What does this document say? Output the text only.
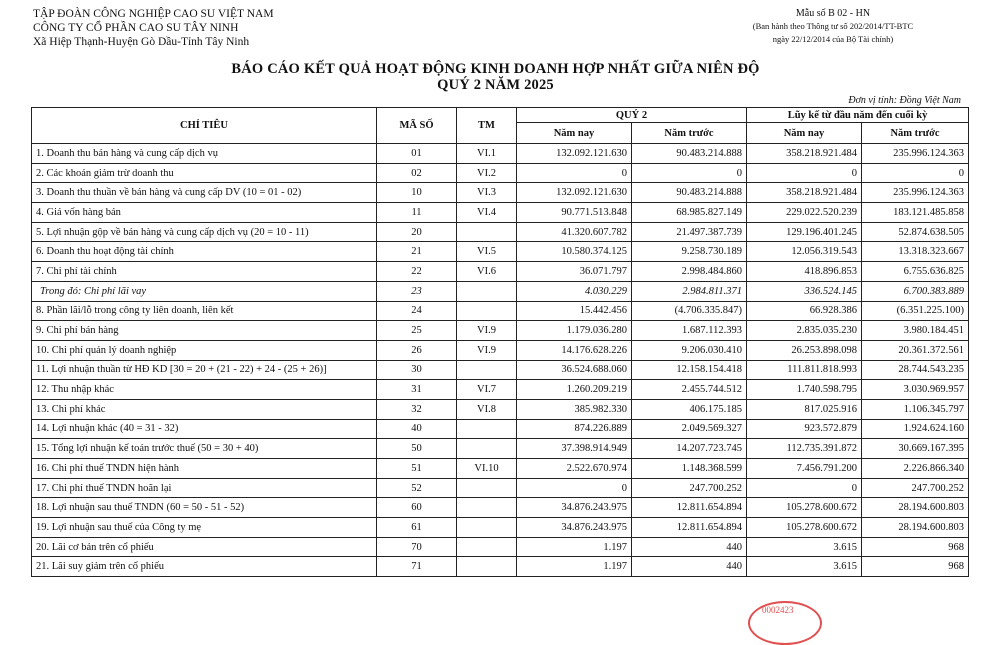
TẬP ĐOÀN CÔNG NGHIỆP CAO SU VIỆT NAM
CÔNG TY CỔ PHẦN CAO SU TÂY NINH
Xã Hiệp Thạnh-Huyện Gò Dầu-Tỉnh Tây Ninh
Mẫu số B 02 - HN
(Ban hành theo Thông tư số 202/2014/TT-BTC
ngày 22/12/2014 của Bộ Tài chính)
BÁO CÁO KẾT QUẢ HOẠT ĐỘNG KINH DOANH HỢP NHẤT GIỮA NIÊN ĐỘ
QUÝ 2 NĂM 2025
Đơn vị tính: Đồng Việt Nam
CHỈ TIÊU	MÃ SỐ	TM	QUÝ 2		Lũy kế từ đầu năm đến cuối kỳ	
			Năm nay	Năm trước	Năm nay	Năm trước
1. Doanh thu bán hàng và cung cấp dịch vụ	01	VI.1	132.092.121.630	90.483.214.888	358.218.921.484	235.996.124.363
2. Các khoản giảm trừ doanh thu	02	VI.2	0	0	0	0
3. Doanh thu thuần về bán hàng và cung cấp DV (10 = 01 - 02)	10	VI.3	132.092.121.630	90.483.214.888	358.218.921.484	235.996.124.363
4. Giá vốn hàng bán	11	VI.4	90.771.513.848	68.985.827.149	229.022.520.239	183.121.485.858
5. Lợi nhuận gộp về bán hàng và cung cấp dịch vụ (20 = 10 - 11)	20		41.320.607.782	21.497.387.739	129.196.401.245	52.874.638.505
6. Doanh thu hoạt động tài chính	21	VI.5	10.580.374.125	9.258.730.189	12.056.319.543	13.318.323.667
7. Chi phí tài chính	22	VI.6	36.071.797	2.998.484.860	418.896.853	6.755.636.825
Trong đó: Chi phí lãi vay	23		4.030.229	2.984.811.371	336.524.145	6.700.383.889
8. Phần lãi/lỗ trong công ty liên doanh, liên kết	24		15.442.456	(4.706.335.847)	66.928.386	(6.351.225.100)
9. Chi phí bán hàng	25	VI.9	1.179.036.280	1.687.112.393	2.835.035.230	3.980.184.451
10. Chi phí quản lý doanh nghiệp	26	VI.9	14.176.628.226	9.206.030.410	26.253.898.098	20.361.372.561
11. Lợi nhuận thuần từ HĐ KD [30 = 20 + (21 - 22) + 24 - (25 + 26)]	30		36.524.688.060	12.158.154.418	111.811.818.993	28.744.543.235
12. Thu nhập khác	31	VI.7	1.260.209.219	2.455.744.512	1.740.598.795	3.030.969.957
13. Chi phí khác	32	VI.8	385.982.330	406.175.185	817.025.916	1.106.345.797
14. Lợi nhuận khác (40 = 31 - 32)	40		874.226.889	2.049.569.327	923.572.879	1.924.624.160
15. Tổng lợi nhuận kế toán trước thuế (50 = 30 + 40)	50		37.398.914.949	14.207.723.745	112.735.391.872	30.669.167.395
16. Chi phí thuế TNDN hiện hành	51	VI.10	2.522.670.974	1.148.368.599	7.456.791.200	2.226.866.340
17. Chi phí thuế TNDN hoãn lại	52		0	247.700.252	0	247.700.252
18. Lợi nhuận sau thuế TNDN (60 = 50 - 51 - 52)	60		34.876.243.975	12.811.654.894	105.278.600.672	28.194.600.803
19. Lợi nhuận sau thuế của Công ty mẹ	61		34.876.243.975	12.811.654.894	105.278.600.672	28.194.600.803
20. Lãi cơ bản trên cổ phiếu	70		1.197	440	3.615	968
21. Lãi suy giảm trên cổ phiếu	71		1.197	440	3.615	968
0002423
